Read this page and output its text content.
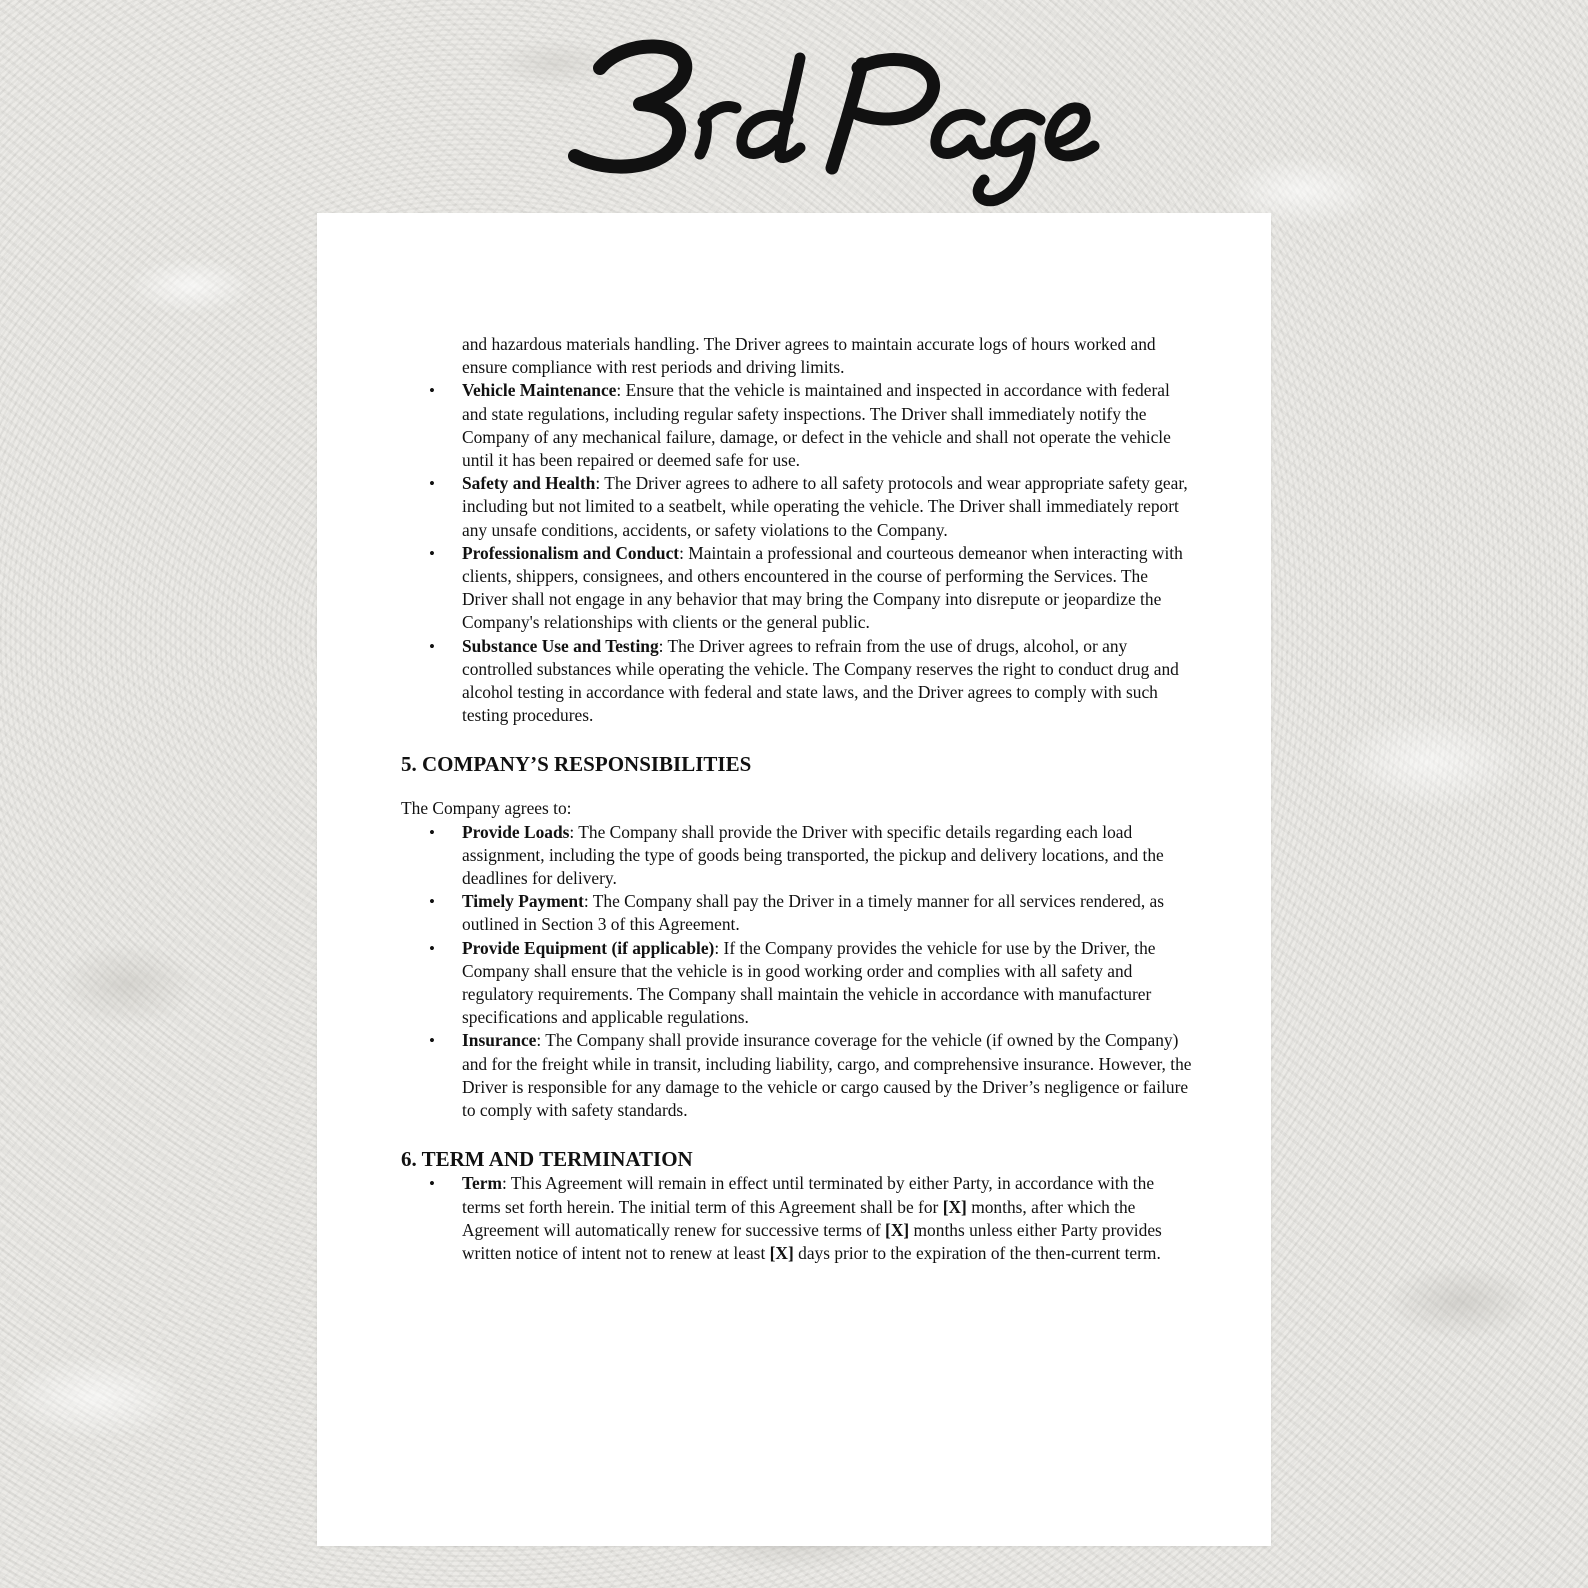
and hazardous materials handling. The Driver agrees to maintain accurate logs of hours worked and ensure compliance with rest periods and driving limits.
• Vehicle Maintenance: Ensure that the vehicle is maintained and inspected in accordance with federal and state regulations, including regular safety inspections. The Driver shall immediately notify the Company of any mechanical failure, damage, or defect in the vehicle and shall not operate the vehicle until it has been repaired or deemed safe for use.
• Safety and Health: The Driver agrees to adhere to all safety protocols and wear appropriate safety gear, including but not limited to a seatbelt, while operating the vehicle. The Driver shall immediately report any unsafe conditions, accidents, or safety violations to the Company.
• Professionalism and Conduct: Maintain a professional and courteous demeanor when interacting with clients, shippers, consignees, and others encountered in the course of performing the Services. The Driver shall not engage in any behavior that may bring the Company into disrepute or jeopardize the Company's relationships with clients or the general public.
• Substance Use and Testing: The Driver agrees to refrain from the use of drugs, alcohol, or any controlled substances while operating the vehicle. The Company reserves the right to conduct drug and alcohol testing in accordance with federal and state laws, and the Driver agrees to comply with such testing procedures.
5. COMPANY’S RESPONSIBILITIES
The Company agrees to:
• Provide Loads: The Company shall provide the Driver with specific details regarding each load assignment, including the type of goods being transported, the pickup and delivery locations, and the deadlines for delivery.
• Timely Payment: The Company shall pay the Driver in a timely manner for all services rendered, as outlined in Section 3 of this Agreement.
• Provide Equipment (if applicable): If the Company provides the vehicle for use by the Driver, the Company shall ensure that the vehicle is in good working order and complies with all safety and regulatory requirements. The Company shall maintain the vehicle in accordance with manufacturer specifications and applicable regulations.
• Insurance: The Company shall provide insurance coverage for the vehicle (if owned by the Company) and for the freight while in transit, including liability, cargo, and comprehensive insurance. However, the Driver is responsible for any damage to the vehicle or cargo caused by the Driver’s negligence or failure to comply with safety standards.
6. TERM AND TERMINATION
• Term: This Agreement will remain in effect until terminated by either Party, in accordance with the terms set forth herein. The initial term of this Agreement shall be for [X] months, after which the Agreement will automatically renew for successive terms of [X] months unless either Party provides written notice of intent not to renew at least [X] days prior to the expiration of the then-current term.
